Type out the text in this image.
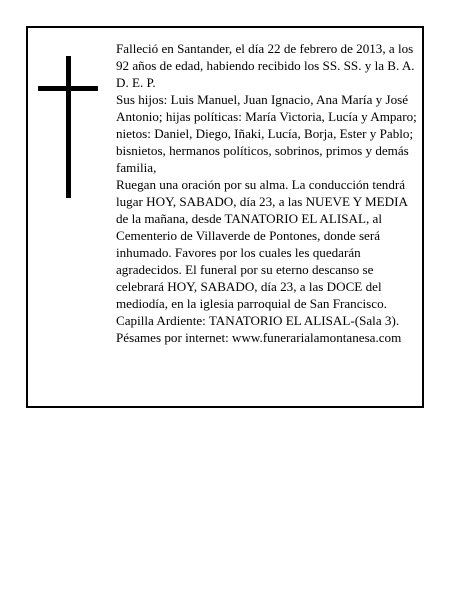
Falleció en Santander, el día 22 de febrero de 2013, a los 92 años de edad, habiendo recibido los SS. SS. y la B. A.

D. E. P.

Sus hijos: Luis Manuel, Juan Ignacio, Ana María y José Antonio; hijas políticas: María Victoria, Lucía y Amparo; nietos: Daniel, Diego, Iñaki, Lucía, Borja, Ester y Pablo; bisnietos, hermanos políticos, sobrinos, primos y demás familia,

Ruegan una oración por su alma. La conducción tendrá lugar HOY, SABADO, día 23, a las NUEVE Y MEDIA de la mañana, desde TANATORIO EL ALISAL, al Cementerio de Villaverde de Pontones, donde será inhumado. Favores por los cuales les quedarán agradecidos. El funeral por su eterno descanso se celebrará HOY, SABADO, día 23, a las DOCE del mediodía, en la iglesia parroquial de San Francisco.

Capilla Ardiente: TANATORIO EL ALISAL-(Sala 3).

Pésames por internet: www.funerarialamontanesa.com
